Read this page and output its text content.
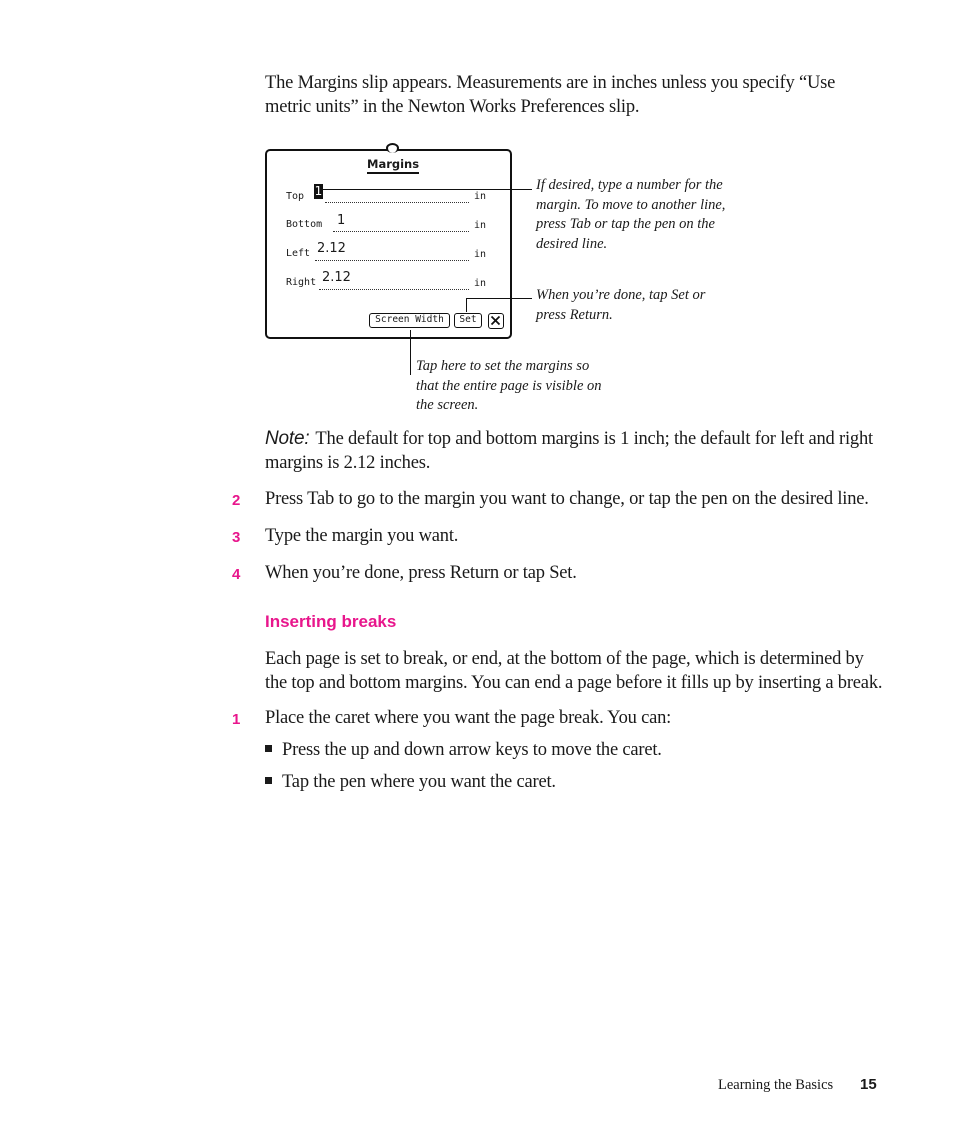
The Margins slip appears. Measurements are in inches unless you specify “Use metric units” in the Newton Works Preferences slip.
Margins
Top 1	in
Bottom 1	in
Left 2.12	in
Right 2.12	in
Screen Width	Set
If desired, type a number for the margin. To move to another line, press Tab or tap the pen on the desired line.
When you’re done, tap Set or press Return.
Tap here to set the margins so that the entire page is visible on the screen.
Note: The default for top and bottom margins is 1 inch; the default for left and right margins is 2.12 inches.
2 Press Tab to go to the margin you want to change, or tap the pen on the desired line.
3 Type the margin you want.
4 When you’re done, press Return or tap Set.
Inserting breaks
Each page is set to break, or end, at the bottom of the page, which is determined by the top and bottom margins. You can end a page before it fills up by inserting a break.
1 Place the caret where you want the page break. You can:
Press the up and down arrow keys to move the caret.
Tap the pen where you want the caret.
Learning the Basics 15
